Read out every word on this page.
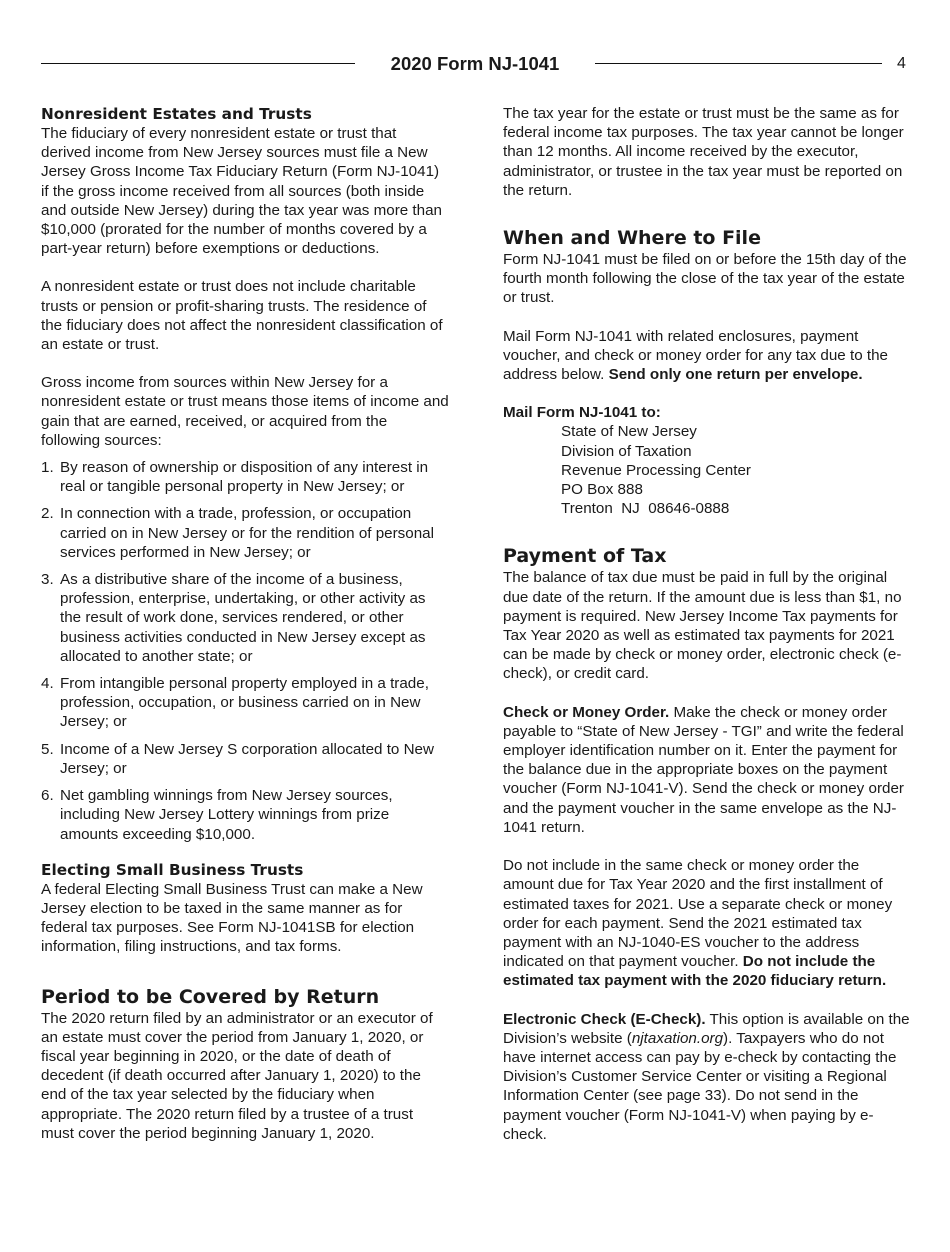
2020 Form NJ-1041	4
Nonresident Estates and Trusts

The fiduciary of every nonresident estate or trust that derived income from New Jersey sources must file a New Jersey Gross Income Tax Fiduciary Return (Form NJ-1041) if the gross income received from all sources (both inside and outside New Jersey) during the tax year was more than $10,000 (prorated for the number of months covered by a part-year return) before exemptions or deductions.

A nonresident estate or trust does not include charitable trusts or pension or profit-sharing trusts. The residence of the fiduciary does not affect the nonresident classification of an estate or trust.

Gross income from sources within New Jersey for a nonresident estate or trust means those items of income and gain that are earned, received, or acquired from the following sources:

1. By reason of ownership or disposition of any interest in real or tangible personal property in New Jersey; or
2. In connection with a trade, profession, or occupation carried on in New Jersey or for the rendition of personal services performed in New Jersey; or
3. As a distributive share of the income of a business, profession, enterprise, undertaking, or other activity as the result of work done, services rendered, or other business activities conducted in New Jersey except as allocated to another state; or
4. From intangible personal property employed in a trade, profession, occupation, or business carried on in New Jersey; or
5. Income of a New Jersey S corporation allocated to New Jersey; or
6. Net gambling winnings from New Jersey sources, including New Jersey Lottery winnings from prize amounts exceeding $10,000.
Electing Small Business Trusts

A federal Electing Small Business Trust can make a New Jersey election to be taxed in the same manner as for federal tax purposes. See Form NJ-1041SB for election information, filing instructions, and tax forms.

Period to be Covered by Return

The 2020 return filed by an administrator or an executor of an estate must cover the period from January 1, 2020, or fiscal year beginning in 2020, or the date of death of decedent (if death occurred after January 1, 2020) to the end of the tax year selected by the fiduciary when appropriate. The 2020 return filed by a trustee of a trust must cover the period beginning January 1, 2020.

The tax year for the estate or trust must be the same as for federal income tax purposes. The tax year cannot be longer than 12 months. All income received by the executor, administrator, or trustee in the tax year must be reported on the return.

When and Where to File

Form NJ-1041 must be filed on or before the 15th day of the fourth month following the close of the tax year of the estate or trust.

Mail Form NJ-1041 with related enclosures, payment voucher, and check or money order for any tax due to the address below. Send only one return per envelope.

Mail Form NJ-1041 to:

State of New Jersey
Division of Taxation
Revenue Processing Center
PO Box 888
Trenton  NJ  08646-0888
Payment of Tax

The balance of tax due must be paid in full by the original due date of the return. If the amount due is less than $1, no payment is required. New Jersey Income Tax payments for Tax Year 2020 as well as estimated tax payments for 2021 can be made by check or money order, electronic check (e-check), or credit card.

Check or Money Order. Make the check or money order payable to “State of New Jersey - TGI” and write the federal employer identification number on it. Enter the payment for the balance due in the appropriate boxes on the payment voucher (Form NJ-1041-V). Send the check or money order and the payment voucher in the same envelope as the NJ-1041 return.

Do not include in the same check or money order the amount due for Tax Year 2020 and the first installment of estimated taxes for 2021. Use a separate check or money order for each payment. Send the 2021 estimated tax payment with an NJ-1040-ES voucher to the address indicated on that payment voucher. Do not include the estimated tax payment with the 2020 fiduciary return.

Electronic Check (E-Check). This option is available on the Division’s website (njtaxation.org). Taxpayers who do not have internet access can pay by e-check by contacting the Division’s Customer Service Center or visiting a Regional Information Center (see page 33). Do not send in the payment voucher (Form NJ-1041-V) when paying by e-check.
